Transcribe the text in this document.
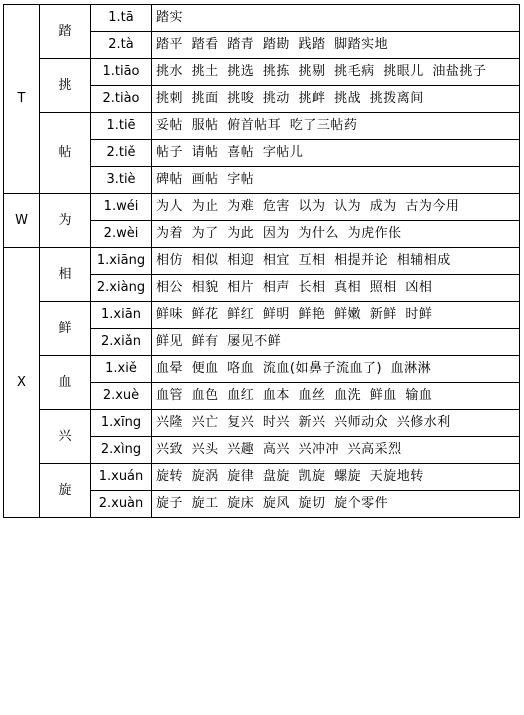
T	踏	1.tā	踏实
		2.tà	踏平 踏看 踏青 踏勘 践踏 脚踏实地
	挑	1.tiāo	挑水 挑土 挑选 挑拣 挑剔 挑毛病 挑眼儿 油盐挑子
		2.tiào	挑刺 挑面 挑唆 挑动 挑衅 挑战 挑拨离间
	帖	1.tiē	妥帖 服帖 俯首帖耳 吃了三帖药
		2.tiě	帖子 请帖 喜帖 字帖儿
		3.tiè	碑帖 画帖 字帖
W	为	1.wéi	为人 为止 为难 危害 以为 认为 成为 古为今用
		2.wèi	为着 为了 为此 因为 为什么 为虎作伥
X	相	1.xiāng	相仿 相似 相迎 相宜 互相 相提并论 相辅相成
		2.xiàng	相公 相貌 相片 相声 长相 真相 照相 凶相
	鲜	1.xiān	鲜味 鲜花 鲜红 鲜明 鲜艳 鲜嫩 新鲜 时鲜
		2.xiǎn	鲜见 鲜有 屡见不鲜
	血	1.xiě	血晕 便血 咯血 流血(如鼻子流血了) 血淋淋
		2.xuè	血管 血色 血红 血本 血丝 血洗 鲜血 输血
	兴	1.xīng	兴隆 兴亡 复兴 时兴 新兴 兴师动众 兴修水利
		2.xìng	兴致 兴头 兴趣 高兴 兴冲冲 兴高采烈
	旋	1.xuán	旋转 旋涡 旋律 盘旋 凯旋 螺旋 天旋地转
		2.xuàn	旋子 旋工 旋床 旋风 旋切 旋个零件
